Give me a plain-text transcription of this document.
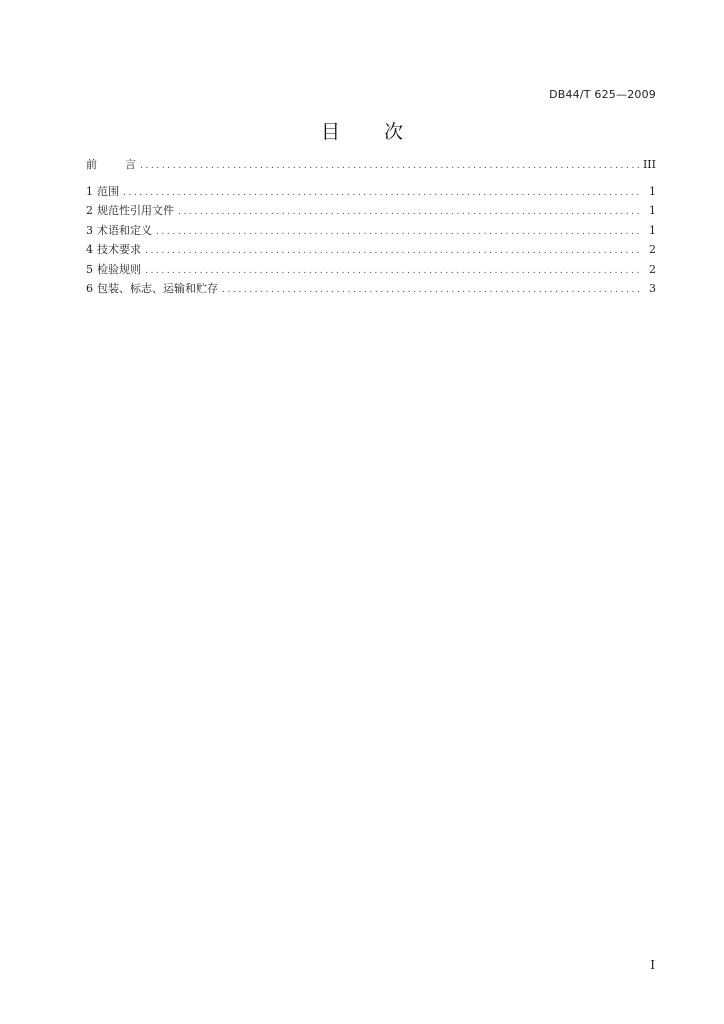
DB44/T 625—2009
目 次
前	言 .....	III
1 范围 .....	1
2 规范性引用文件 .....	1
3 术语和定义 .....	1
4 技术要求 .....	2
5 检验规则 .....	2
6 包装、标志、运输和贮存 .....	3
I
